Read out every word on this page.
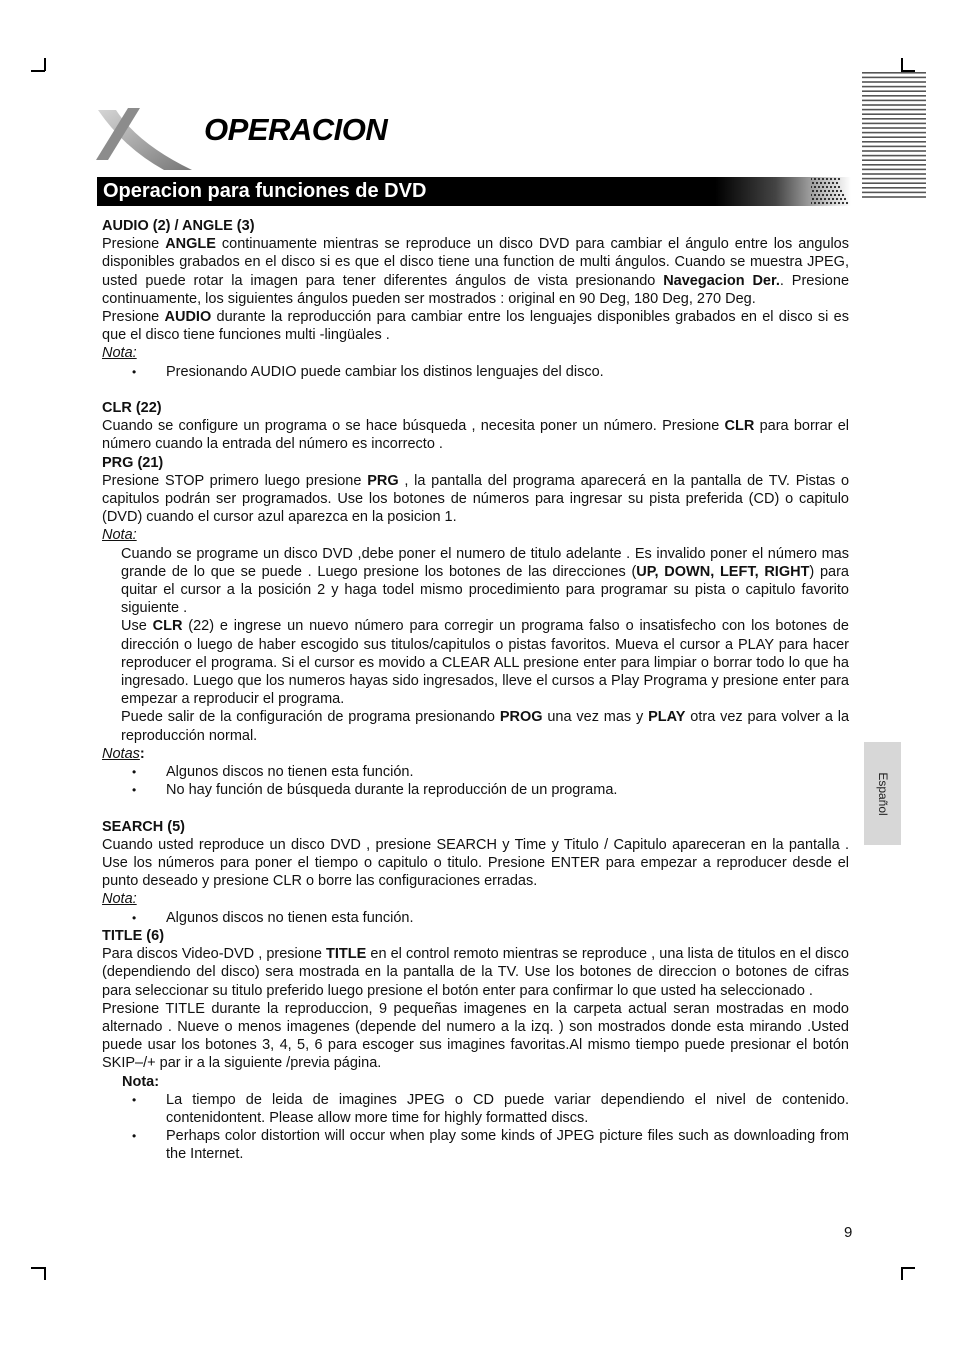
OPERACION
Operacion para funciones de DVD
Español

AUDIO (2) / ANGLE (3)

Presione ANGLE continuamente mientras se reproduce un disco DVD para cambiar el ángulo entre los angulos disponibles grabados en el disco si es que el disco tiene una function de multi ángulos. Cuando se muestra JPEG, usted puede rotar la imagen para tener diferentes ángulos de vista presionando Navegacion Der.. Presione continuamente, los siguientes ángulos pueden ser mostrados : original en 90 Deg, 180 Deg, 270 Deg.

Presione AUDIO durante la reproducción para cambiar entre los lenguajes disponibles grabados en el disco si es que el disco tiene funciones multi -lingüales .

Nota:

• Presionando AUDIO puede cambiar los distinos lenguajes del disco.

CLR (22)

Cuando se configure un programa o se hace búsqueda , necesita poner un número. Presione CLR para borrar el número cuando la entrada del número es incorrecto .

PRG (21)

Presione STOP primero luego presione PRG , la pantalla del programa aparecerá en la pantalla de TV. Pistas o capitulos podrán ser programados. Use los botones de números para ingresar su pista preferida (CD) o capitulo (DVD) cuando el cursor azul aparezca en la posicion 1.

Nota:

Cuando se programe un disco DVD ,debe poner el numero de titulo adelante . Es invalido poner el número mas grande de lo que se puede . Luego presione los botones de las direcciones (UP, DOWN, LEFT, RIGHT) para quitar el cursor a la posición 2 y haga todel mismo procedimiento para programar su pista o capitulo favorito siguiente .

Use CLR (22) e ingrese un nuevo número para corregir un programa falso o insatisfecho con los botones de dirección o luego de haber escogido sus titulos/capitulos o pistas favoritos. Mueva el cursor a PLAY para hacer reproducer el programa. Si el cursor es movido a CLEAR ALL presione enter para limpiar o borrar todo lo que ha ingresado. Luego que los numeros hayas sido ingresados, lleve el cursos a Play Programa y presione enter para empezar a reproducir el programa.

Puede salir de la configuración de programa presionando PROG una vez mas y PLAY otra vez para volver a la reproducción normal.

Notas:

• Algunos discos no tienen esta función.
• No hay función de búsqueda durante la reproducción de un programa.

SEARCH (5)

Cuando usted reproduce un disco DVD , presione SEARCH y Time y Titulo / Capitulo apareceran en la pantalla . Use los números para poner el tiempo o capitulo o titulo. Presione ENTER para empezar a reproducer desde el punto deseado y presione CLR o borre las configuraciones erradas.

Nota:

• Algunos discos no tienen esta función.

TITLE (6)

Para discos Video-DVD , presione TITLE en el control remoto mientras se reproduce , una lista de titulos en el disco (dependiendo del disco) sera mostrada en la pantalla de la TV. Use los botones de direccion o botones de cifras para seleccionar su titulo preferido luego presione el botón enter para confirmar lo que usted ha seleccionado .

Presione TITLE durante la reproduccion, 9 pequeñas imagenes en la carpeta actual seran mostradas en modo alternado . Nueve o menos imagenes (depende del numero a la izq. ) son mostrados donde esta mirando .Usted puede usar los botones 3, 4, 5, 6 para escoger sus imagines favoritas.Al mismo tiempo puede presionar el botón SKIP–/+ par ir a la siguiente /previa página.

Nota:

• La tiempo de leida de imagines JPEG o CD puede variar dependiendo el nivel de contenido. contenidontent. Please allow more time for highly formatted discs.
• Perhaps color distortion will occur when play some kinds of JPEG picture files such as downloading from the Internet.
9
